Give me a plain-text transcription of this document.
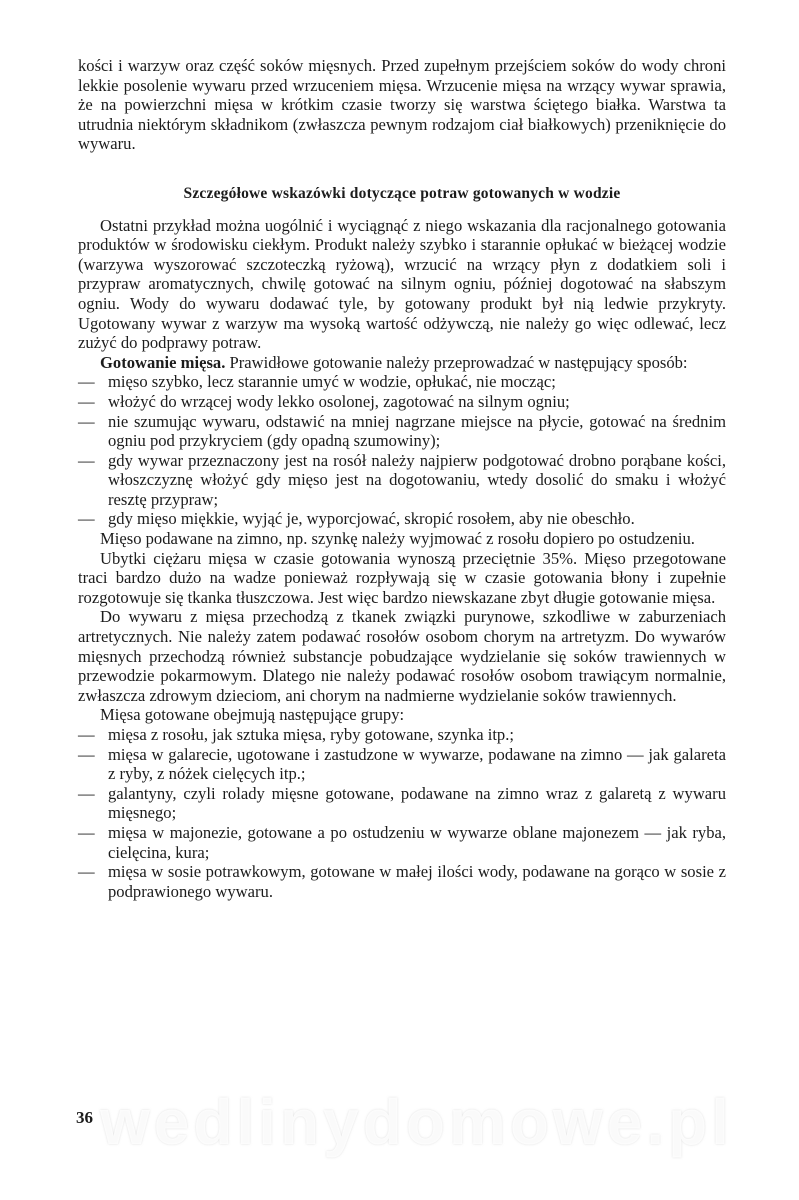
kości i warzyw oraz część soków mięsnych. Przed zupełnym przejściem soków do wody chroni lekkie posolenie wywaru przed wrzuceniem mięsa. Wrzucenie mięsa na wrzący wywar sprawia, że na powierzchni mięsa w krótkim czasie tworzy się warstwa ściętego białka. Warstwa ta utrudnia niektórym składnikom (zwłaszcza pewnym rodzajom ciał białkowych) przeniknięcie do wywaru.

Szczegółowe wskazówki dotyczące potraw gotowanych w wodzie

Ostatni przykład można uogólnić i wyciągnąć z niego wskazania dla racjonalnego gotowania produktów w środowisku ciekłym. Produkt należy szybko i starannie opłukać w bieżącej wodzie (warzywa wyszorować szczoteczką ryżową), wrzucić na wrzący płyn z dodatkiem soli i przypraw aromatycznych, chwilę gotować na silnym ogniu, później dogotować na słabszym ogniu. Wody do wywaru dodawać tyle, by gotowany produkt był nią ledwie przykryty. Ugotowany wywar z warzyw ma wysoką wartość odżywczą, nie należy go więc odlewać, lecz zużyć do podprawy potraw.

Gotowanie mięsa. Prawidłowe gotowanie należy przeprowadzać w następujący sposób:

— mięso szybko, lecz starannie umyć w wodzie, opłukać, nie mocząc;
— włożyć do wrzącej wody lekko osolonej, zagotować na silnym ogniu;
— nie szumując wywaru, odstawić na mniej nagrzane miejsce na płycie, gotować na średnim ogniu pod przykryciem (gdy opadną szumowiny);
— gdy wywar przeznaczony jest na rosół należy najpierw podgotować drobno porąbane kości, włoszczyznę włożyć gdy mięso jest na dogotowaniu, wtedy dosolić do smaku i włożyć resztę przypraw;
— gdy mięso miękkie, wyjąć je, wyporcjować, skropić rosołem, aby nie obeschło.

Mięso podawane na zimno, np. szynkę należy wyjmować z rosołu dopiero po ostudzeniu.

Ubytki ciężaru mięsa w czasie gotowania wynoszą przeciętnie 35%. Mięso przegotowane traci bardzo dużo na wadze ponieważ rozpływają się w czasie gotowania błony i zupełnie rozgotowuje się tkanka tłuszczowa. Jest więc bardzo niewskazane zbyt długie gotowanie mięsa.

Do wywaru z mięsa przechodzą z tkanek związki purynowe, szkodliwe w zaburzeniach artretycznych. Nie należy zatem podawać rosołów osobom chorym na artretyzm. Do wywarów mięsnych przechodzą również substancje pobudzające wydzielanie się soków trawiennych w przewodzie pokarmowym. Dlatego nie należy podawać rosołów osobom trawiącym normalnie, zwłaszcza zdrowym dzieciom, ani chorym na nadmierne wydzielanie soków trawiennych.

Mięsa gotowane obejmują następujące grupy:

— mięsa z rosołu, jak sztuka mięsa, ryby gotowane, szynka itp.;
— mięsa w galarecie, ugotowane i zastudzone w wywarze, podawane na zimno — jak galareta z ryby, z nóżek cielęcych itp.;
— galantyny, czyli rolady mięsne gotowane, podawane na zimno wraz z galaretą z wywaru mięsnego;
— mięsa w majonezie, gotowane a po ostudzeniu w wywarze oblane majonezem — jak ryba, cielęcina, kura;
— mięsa w sosie potrawkowym, gotowane w małej ilości wody, podawane na gorąco w sosie z podprawionego wywaru.
wedlinydomowe.pl
36
